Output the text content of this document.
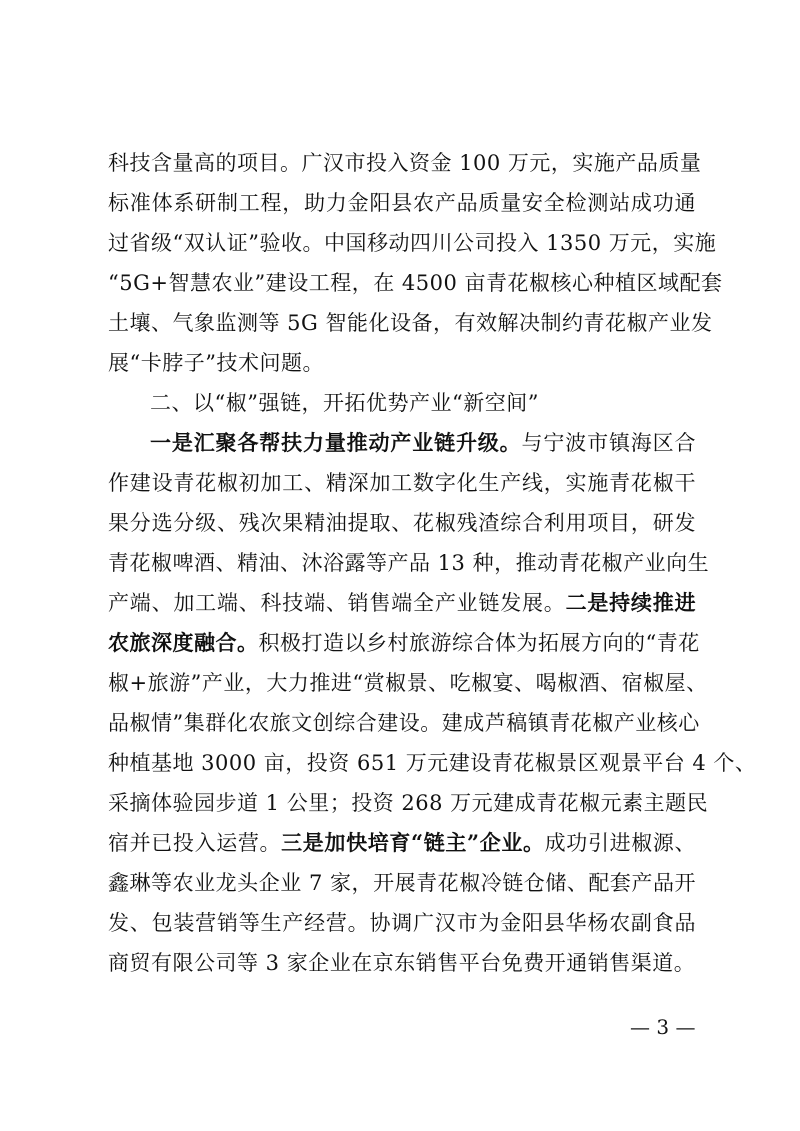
科技含量高的项目。广汉市投入资金 100 万元，实施产品质量
标准体系研制工程，助力金阳县农产品质量安全检测站成功通
过省级“双认证”验收。中国移动四川公司投入 1350 万元，实施
“5G+智慧农业”建设工程，在 4500 亩青花椒核心种植区域配套
土壤、气象监测等 5G 智能化设备，有效解决制约青花椒产业发
展“卡脖子”技术问题。
二、以“椒”强链，开拓优势产业“新空间”
一是汇聚各帮扶力量推动产业链升级。与宁波市镇海区合
作建设青花椒初加工、精深加工数字化生产线，实施青花椒干
果分选分级、残次果精油提取、花椒残渣综合利用项目，研发
青花椒啤酒、精油、沐浴露等产品 13 种，推动青花椒产业向生
产端、加工端、科技端、销售端全产业链发展。二是持续推进
农旅深度融合。积极打造以乡村旅游综合体为拓展方向的“青花
椒+旅游”产业，大力推进“赏椒景、吃椒宴、喝椒酒、宿椒屋、
品椒情”集群化农旅文创综合建设。建成芦稿镇青花椒产业核心
种植基地 3000 亩，投资 651 万元建设青花椒景区观景平台 4 个、
采摘体验园步道 1 公里；投资 268 万元建成青花椒元素主题民
宿并已投入运营。三是加快培育“链主”企业。成功引进椒源、
鑫琳等农业龙头企业 7 家，开展青花椒冷链仓储、配套产品开
发、包装营销等生产经营。协调广汉市为金阳县华杨农副食品
商贸有限公司等 3 家企业在京东销售平台免费开通销售渠道。
— 3 —
